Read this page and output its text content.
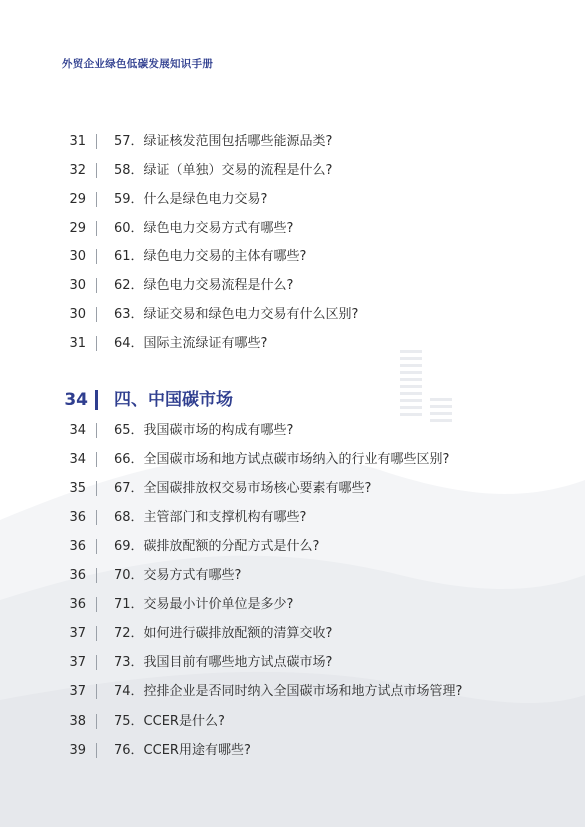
外贸企业绿色低碳发展知识手册
31 57．绿证核发范围包括哪些能源品类?
32 58．绿证（单独）交易的流程是什么?
29 59．什么是绿色电力交易?
29 60．绿色电力交易方式有哪些?
30 61．绿色电力交易的主体有哪些?
30 62．绿色电力交易流程是什么?
30 63．绿证交易和绿色电力交易有什么区别?
31 64．国际主流绿证有哪些?
34 四、中国碳市场
34 65．我国碳市场的构成有哪些?
34 66．全国碳市场和地方试点碳市场纳入的行业有哪些区别?
35 67．全国碳排放权交易市场核心要素有哪些?
36 68．主管部门和支撑机构有哪些?
36 69．碳排放配额的分配方式是什么?
36 70．交易方式有哪些?
36 71．交易最小计价单位是多少?
37 72．如何进行碳排放配额的清算交收?
37 73．我国目前有哪些地方试点碳市场?
37 74．控排企业是否同时纳入全国碳市场和地方试点市场管理?
38 75．CCER是什么?
39 76．CCER用途有哪些?
